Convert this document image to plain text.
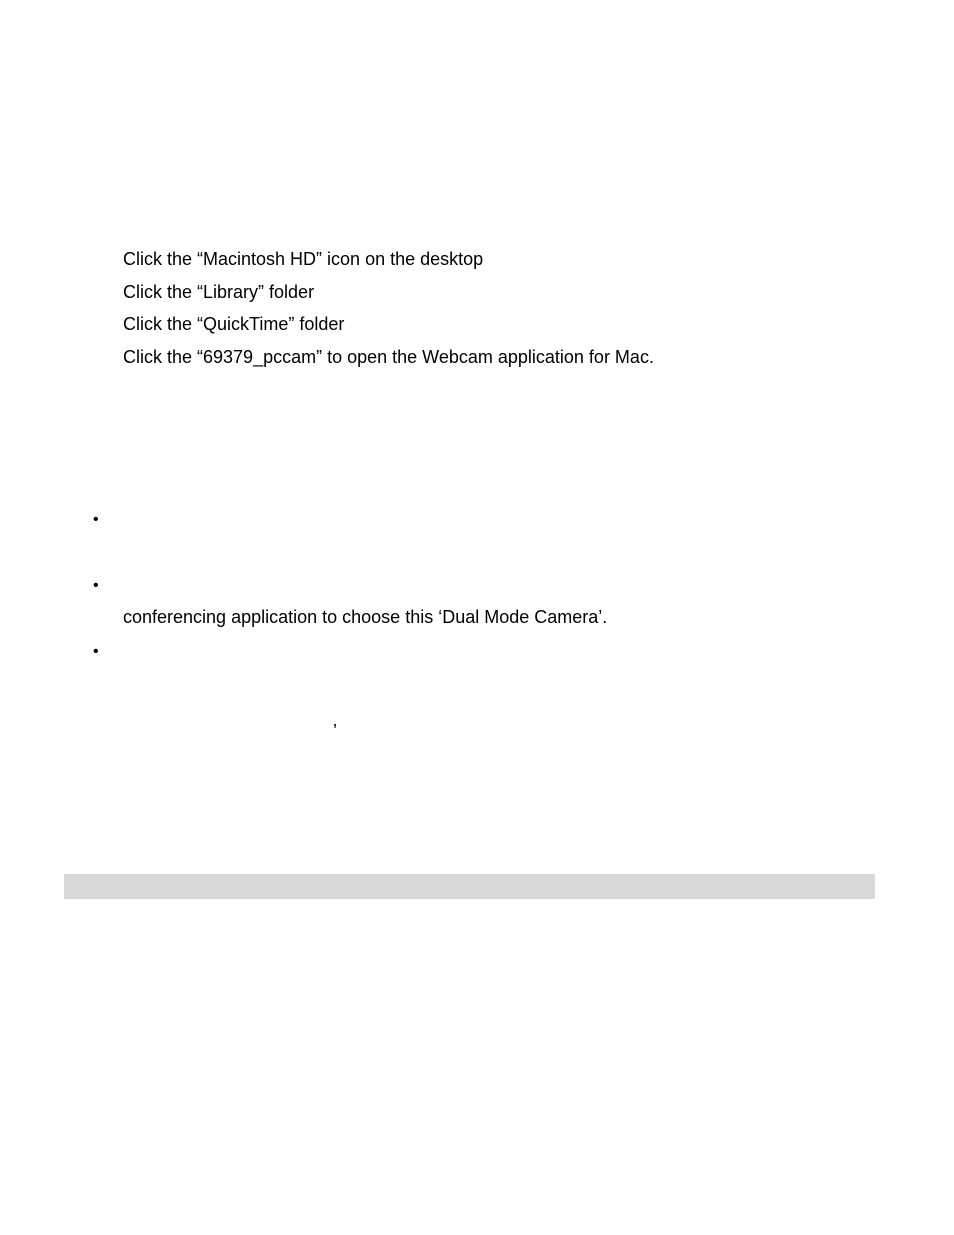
Click the “Macintosh HD” icon on the desktop
Click the “Library” folder
Click the “QuickTime” folder
Click the “69379_pccam” to open the Webcam application for Mac.
•
•
conferencing application to choose this ‘Dual Mode Camera’.
•
’
